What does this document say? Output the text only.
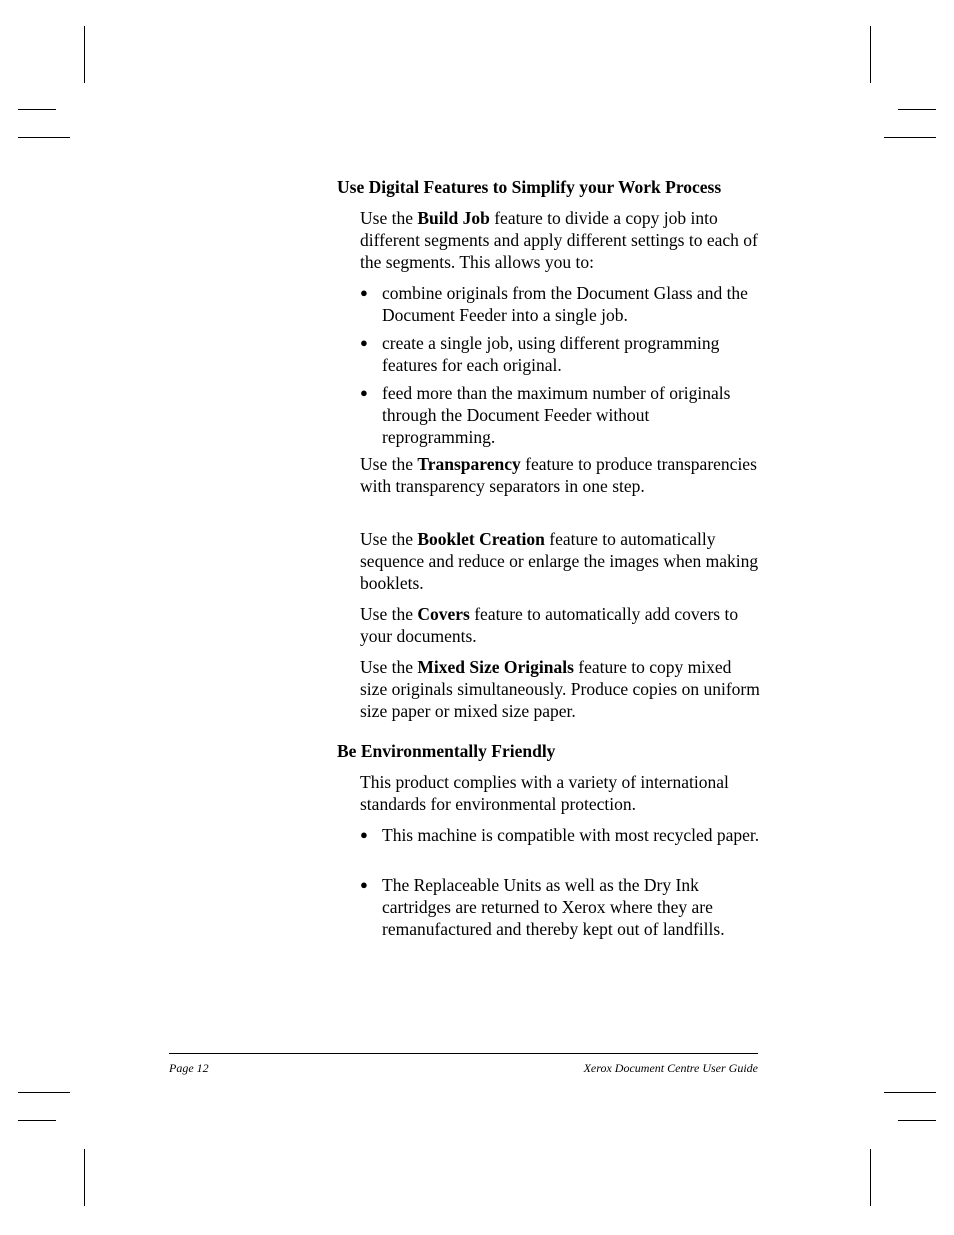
Use Digital Features to Simplify your Work Process

Use the Build Job feature to divide a copy job into different segments and apply different settings to each of the segments. This allows you to:

● combine originals from the Document Glass and the Document Feeder into a single job.
● create a single job, using different programming features for each original.
● feed more than the maximum number of originals through the Document Feeder without reprogramming.

Use the Transparency feature to produce transparencies with transparency separators in one step.

Use the Booklet Creation feature to automatically sequence and reduce or enlarge the images when making booklets.

Use the Covers feature to automatically add covers to your documents.

Use the Mixed Size Originals feature to copy mixed size originals simultaneously. Produce copies on uniform size paper or mixed size paper.

Be Environmentally Friendly

This product complies with a variety of international standards for environmental protection.

● This machine is compatible with most recycled paper.
● The Replaceable Units as well as the Dry Ink cartridges are returned to Xerox where they are remanufactured and thereby kept out of landfills.
Page 12	Xerox Document Centre User Guide
